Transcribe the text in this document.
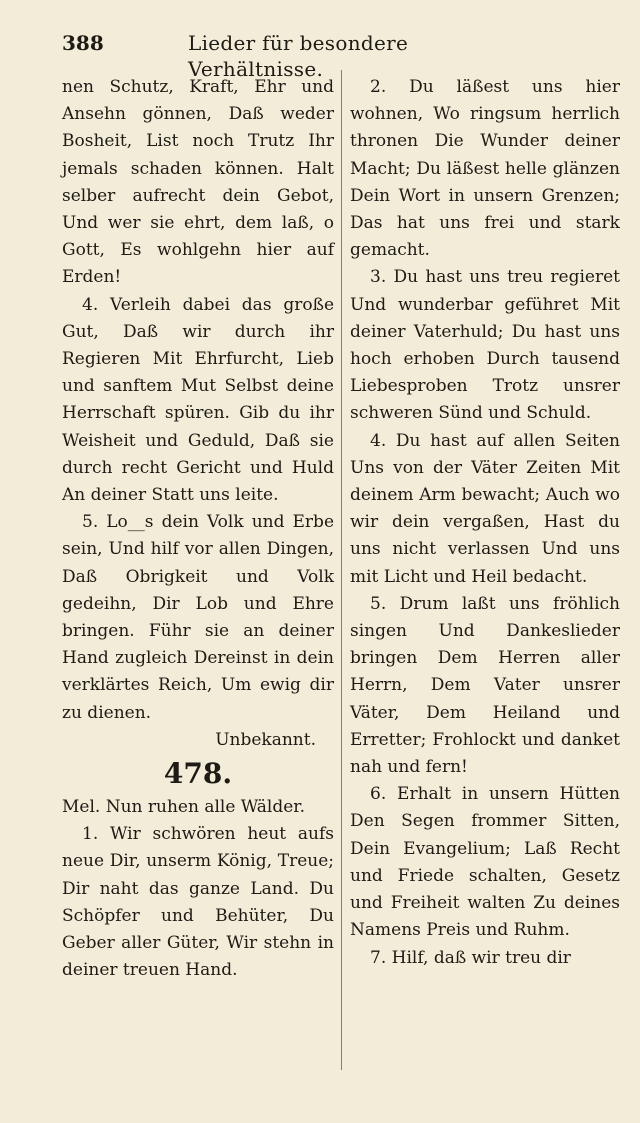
388	Lieder für besondere Verhältnisse.

nen Schutz, Kraft, Ehr und Ansehn gönnen, Daß weder Bosheit, List noch Trutz Ihr jemals schaden können. Halt selber aufrecht dein Gebot, Und wer sie ehrt, dem laß, o Gott, Es wohlgehn hier auf Erden!

4. Verleih dabei das große Gut, Daß wir durch ihr Regieren Mit Ehrfurcht, Lieb und sanftem Mut Selbst deine Herrschaft spüren. Gib du ihr Weisheit und Geduld, Daß sie durch recht Gericht und Huld An deiner Statt uns leite.

5. Lo__s dein Volk und Erbe sein, Und hilf vor allen Dingen, Daß Obrigkeit und Volk gedeihn, Dir Lob und Ehre bringen. Führ sie an deiner Hand zugleich Dereinst in dein verklärtes Reich, Um ewig dir zu dienen.

Unbekannt.

478.

Mel. Nun ruhen alle Wälder.

1. Wir schwören heut aufs neue Dir, unserm König, Treue; Dir naht das ganze Land. Du Schöpfer und Behüter, Du Geber aller Güter, Wir stehn in deiner treuen Hand.

2. Du läßest uns hier wohnen, Wo ringsum herrlich thronen Die Wunder deiner Macht; Du läßest helle glänzen Dein Wort in unsern Grenzen; Das hat uns frei und stark gemacht.

3. Du hast uns treu regieret Und wunderbar geführet Mit deiner Vaterhuld; Du hast uns hoch erhoben Durch tausend Liebesproben Trotz unsrer schweren Sünd und Schuld.

4. Du hast auf allen Seiten Uns von der Väter Zeiten Mit deinem Arm bewacht; Auch wo wir dein vergaßen, Hast du uns nicht verlassen Und uns mit Licht und Heil bedacht.

5. Drum laßt uns fröhlich singen Und Dankeslieder bringen Dem Herren aller Herrn, Dem Vater unsrer Väter, Dem Heiland und Erretter; Frohlockt und danket nah und fern!

6. Erhalt in unsern Hütten Den Segen frommer Sitten, Dein Evangelium; Laß Recht und Friede schalten, Gesetz und Freiheit walten Zu deines Namens Preis und Ruhm.

7. Hilf, daß wir treu dir
